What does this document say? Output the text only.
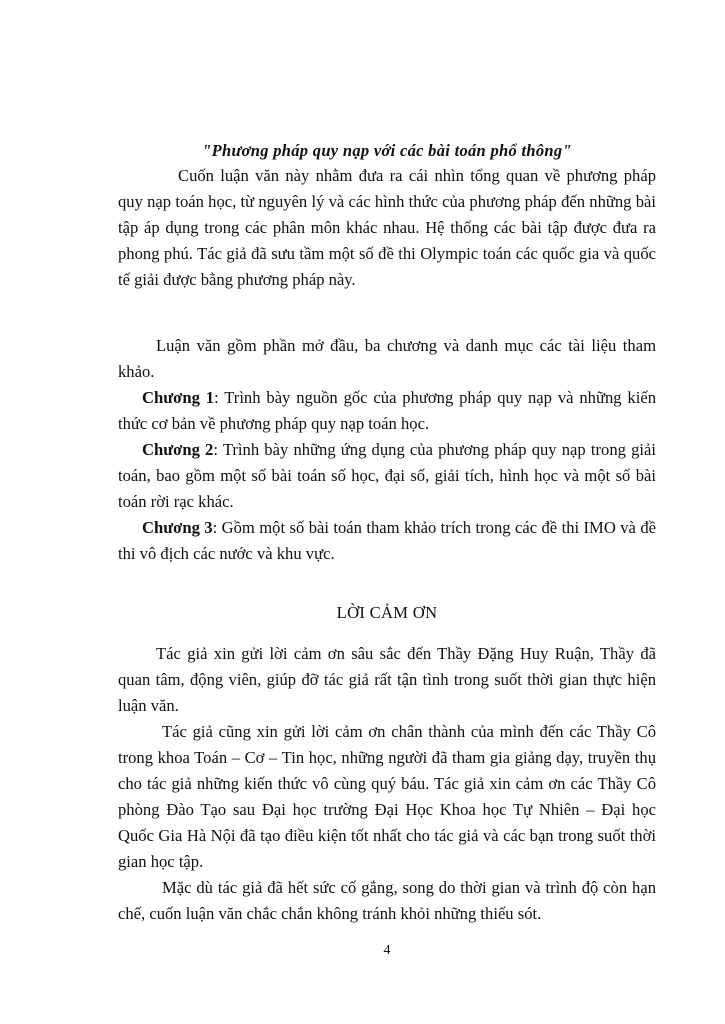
"Phương pháp quy nạp với các bài toán phổ thông"

Cuốn luận văn này nhằm đưa ra cái nhìn tổng quan về phương pháp quy nạp toán học, từ nguyên lý và các hình thức của phương pháp đến những bài tập áp dụng trong các phân môn khác nhau. Hệ thống các bài tập được đưa ra phong phú. Tác giả đã sưu tầm một số đề thi Olympic toán các quốc gia và quốc tế giải được bằng phương pháp này.

Luận văn gồm phần mở đầu, ba chương và danh mục các tài liệu tham khảo.

Chương 1: Trình bày nguồn gốc của phương pháp quy nạp và những kiến thức cơ bản về phương pháp quy nạp toán học.

Chương 2: Trình bày những ứng dụng của phương pháp quy nạp trong giải toán, bao gồm một số bài toán số học, đại số, giải tích, hình học và một số bài toán rời rạc khác.

Chương 3: Gồm một số bài toán tham khảo trích trong các đề thi IMO và đề thi vô địch các nước và khu vực.

LỜI CẢM ƠN

Tác giả xin gửi lời cảm ơn sâu sắc đến Thầy Đặng Huy Ruận, Thầy đã quan tâm, động viên, giúp đỡ tác giả rất tận tình trong suốt thời gian thực hiện luận văn.

Tác giả cũng xin gửi lời cảm ơn chân thành của mình đến các Thầy Cô trong khoa Toán – Cơ – Tin học, những người đã tham gia giảng dạy, truyền thụ cho tác giả những kiến thức vô cùng quý báu. Tác giả xin cảm ơn các Thầy Cô phòng Đào Tạo sau Đại học trường Đại Học Khoa học Tự Nhiên – Đại học Quốc Gia Hà Nội đã tạo điều kiện tốt nhất cho tác giả và các bạn trong suốt thời gian học tập.

Mặc dù tác giả đã hết sức cố gắng, song do thời gian và trình độ còn hạn chế, cuốn luận văn chắc chắn không tránh khỏi những thiếu sót.

4
